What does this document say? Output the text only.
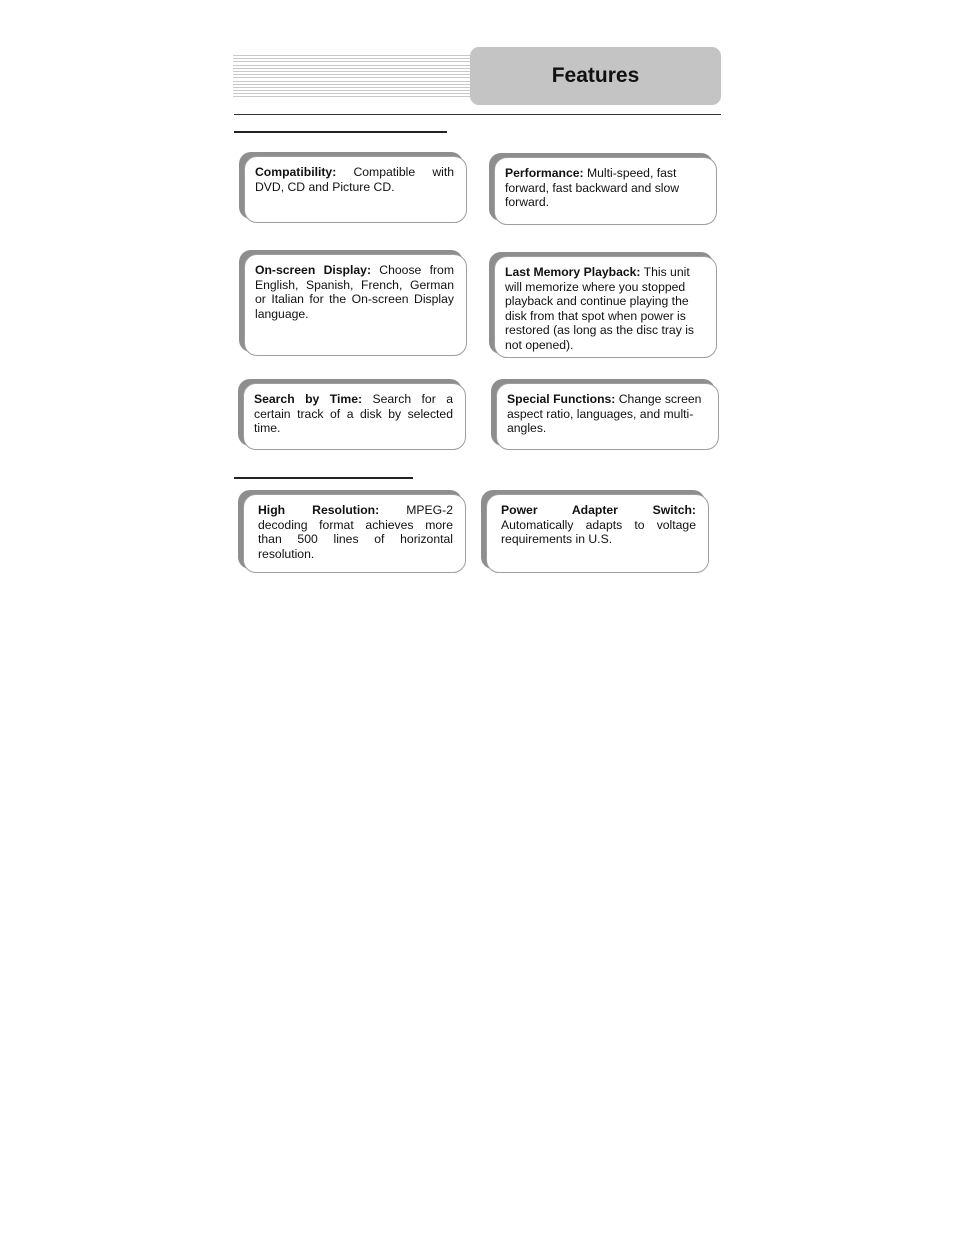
Features
Compatibility: Compatible with DVD, CD and Picture CD.
Performance: Multi-speed, fast forward, fast backward and slow forward.
On-screen Display: Choose from English, Spanish, French, German or Italian for the On-screen Display language.
Last Memory Playback: This unit will memorize where you stopped playback and continue playing the disk from that spot when power is restored (as long as the disc tray is not opened).
Search by Time: Search for a certain track of a disk by selected time.
Special Functions: Change screen aspect ratio, languages, and multi-angles.
High Resolution: MPEG-2 decoding format achieves more than 500 lines of horizontal resolution.
Power Adapter Switch: Automatically adapts to voltage requirements in U.S.
